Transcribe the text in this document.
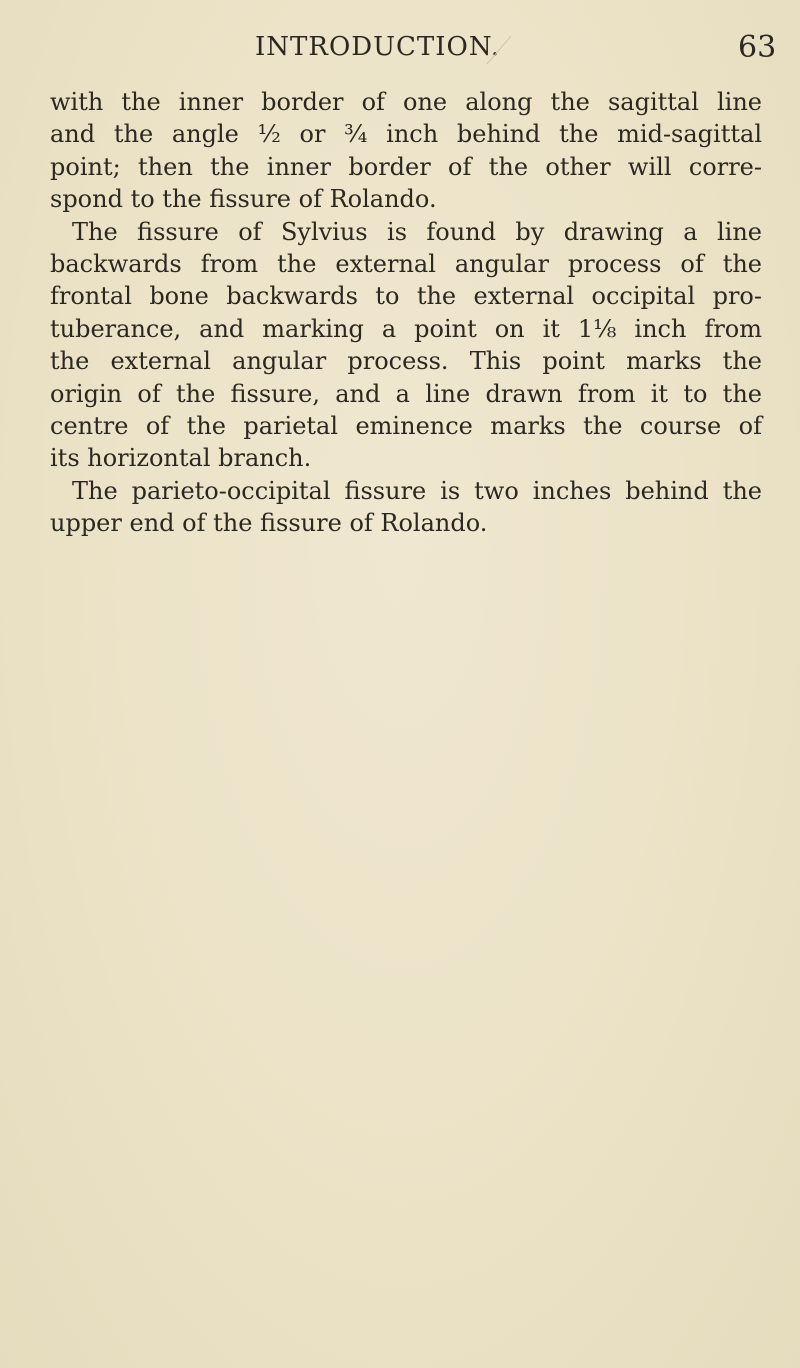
INTRODUCTION.	63
with the inner border of one along the sagittal line
and the angle ½ or ¾ inch behind the mid-sagittal
point; then the inner border of the other will corre-
spond to the fissure of Rolando.
The fissure of Sylvius is found by drawing a line
backwards from the external angular process of the
frontal bone backwards to the external occipital pro-
tuberance, and marking a point on it 1⅛ inch from
the external angular process. This point marks the
origin of the fissure, and a line drawn from it to the
centre of the parietal eminence marks the course of
its horizontal branch.
The parieto-occipital fissure is two inches behind the
upper end of the fissure of Rolando.
